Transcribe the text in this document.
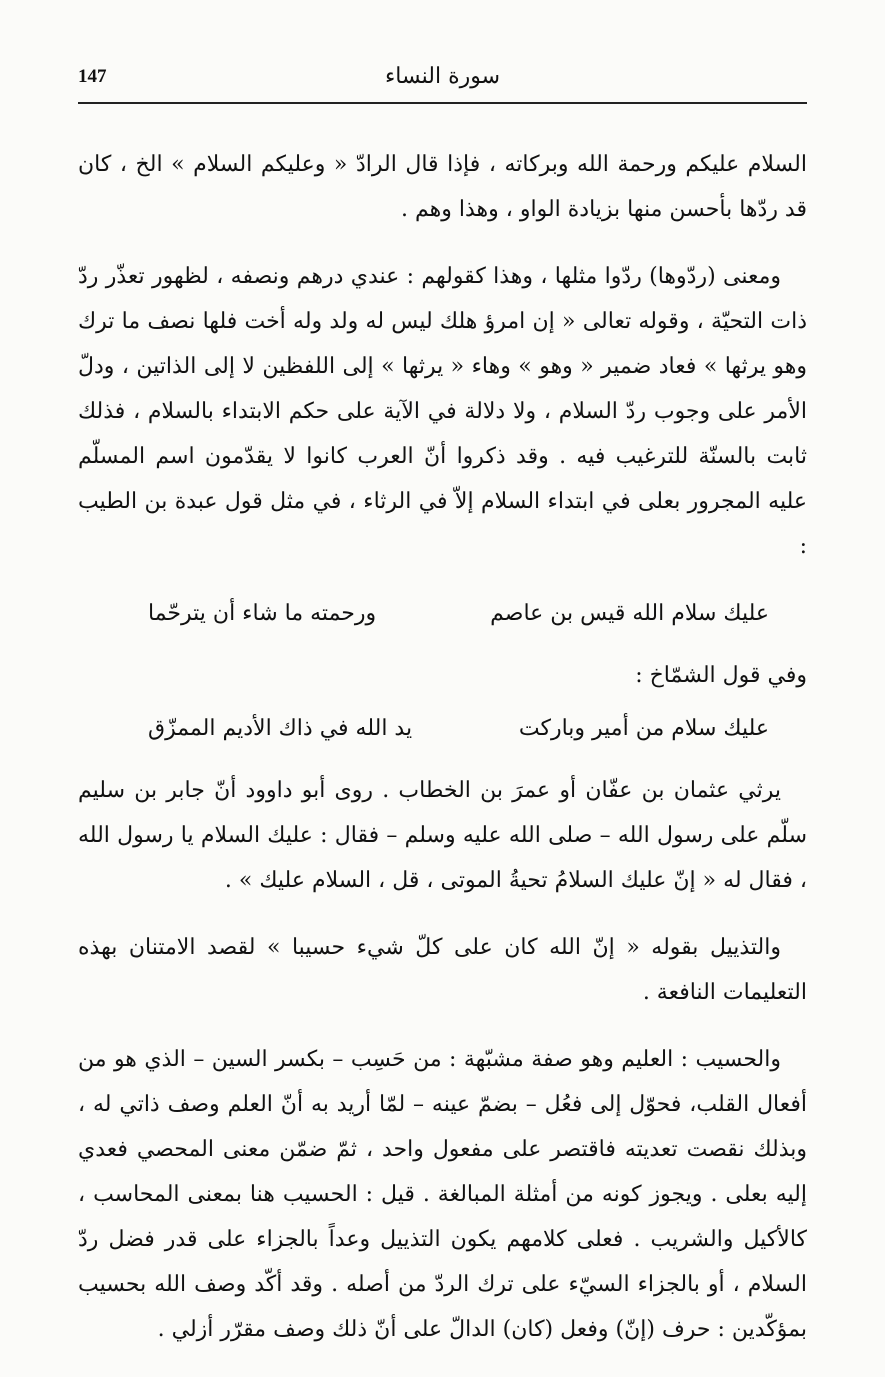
147	سورة النساء

السلام عليكم ورحمة الله وبركاته ، فإذا قال الرادّ « وعليكم السلام » الخ ، كان قد ردّها بأحسن منها بزيادة الواو ، وهذا وهم .

ومعنى (ردّوها) ردّوا مثلها ، وهذا كقولهم : عندي درهم ونصفه ، لظهور تعذّر ردّ ذات التحيّة ، وقوله تعالى « إن امرؤ هلك ليس له ولد وله أخت فلها نصف ما ترك وهو يرثها » فعاد ضمير « وهو » وهاء « يرثها » إلى اللفظين لا إلى الذاتين ، ودلّ الأمر على وجوب ردّ السلام ، ولا دلالة في الآية على حكم الابتداء بالسلام ، فذلك ثابت بالسنّة للترغيب فيه . وقد ذكروا أنّ العرب كانوا لا يقدّمون اسم المسلّم عليه المجرور بعلى في ابتداء السلام إلاّ في الرثاء ، في مثل قول عبدة بن الطيب :

عليك سلام الله قيس بن عاصم
ورحمته ما شاء أن يترحّما

وفي قول الشمّاخ :

عليك سلام من أمير وباركت
يد الله في ذاك الأديم الممزّق

يرثي عثمان بن عفّان أو عمرَ بن الخطاب . روى أبو داوود أنّ جابر بن سليم سلّم على رسول الله – صلى الله عليه وسلم – فقال : عليك السلام يا رسول الله ، فقال له « إنّ عليك السلامُ تحيةُ الموتى ، قل ، السلام عليك » .

والتذييل بقوله « إنّ الله كان على كلّ شيء حسيبا » لقصد الامتنان بهذه التعليمات النافعة .

والحسيب : العليم وهو صفة مشبّهة : من حَسِب – بكسر السين – الذي هو من أفعال القلب، فحوّل إلى فعُل – بضمّ عينه – لمّا أريد به أنّ العلم وصف ذاتي له ، وبذلك نقصت تعديته فاقتصر على مفعول واحد ، ثمّ ضمّن معنى المحصي فعدي إليه بعلى . ويجوز كونه من أمثلة المبالغة . قيل : الحسيب هنا بمعنى المحاسب ، كالأكيل والشريب . فعلى كلامهم يكون التذييل وعداً بالجزاء على قدر فضل ردّ السلام ، أو بالجزاء السيّء على ترك الردّ من أصله . وقد أكّد وصف الله بحسيب بمؤكّدين : حرف (إنّ) وفعل (كان) الدالّ على أنّ ذلك وصف مقرّر أزلي .
